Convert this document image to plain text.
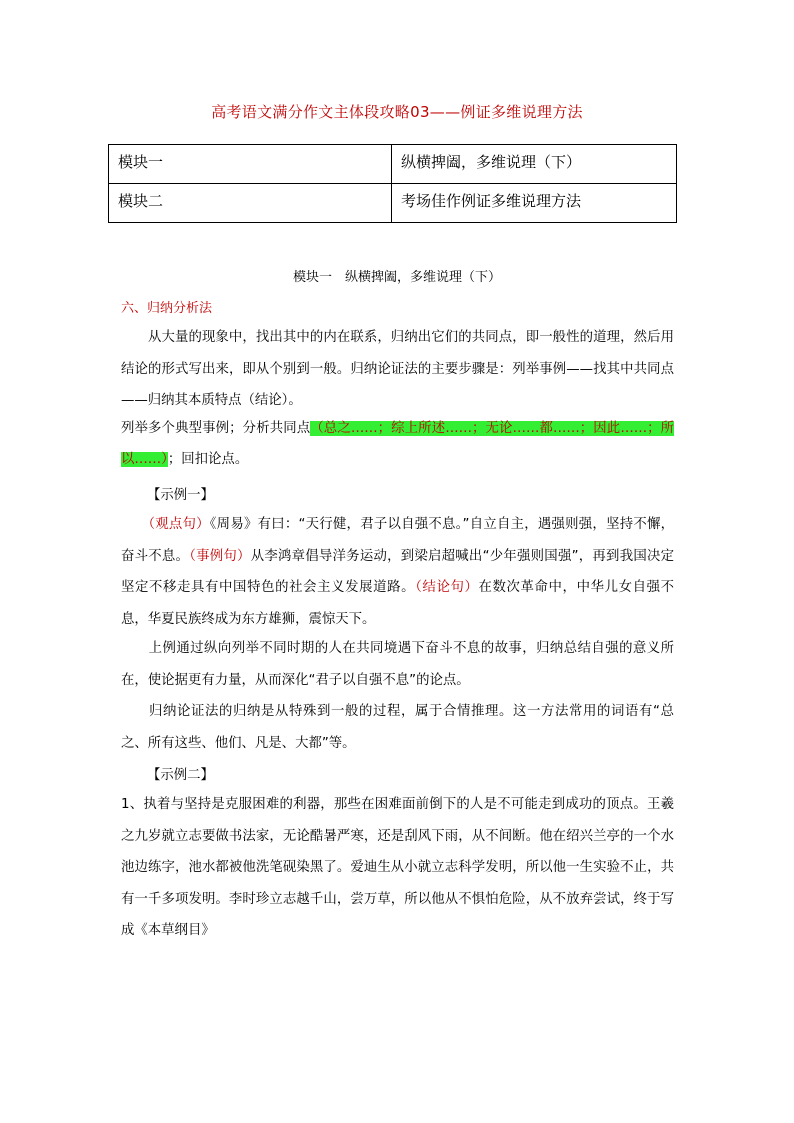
高考语文满分作文主体段攻略03——例证多维说理方法
模块一	纵横捭阖，多维说理（下）
模块二	考场佳作例证多维说理方法
模块一　纵横捭阖，多维说理（下）
六、归纳分析法
　　从大量的现象中，找出其中的内在联系，归纳出它们的共同点，即一般性的道理，然后用结论的形式写出来，即从个别到一般。归纳论证法的主要步骤是：列举事例——找其中共同点——归纳其本质特点（结论）。
列举多个典型事例；分析共同点（总之……；综上所述……；无论……都……；因此……；所以……）；回扣论点。
【示例一】
　　（观点句）《周易》有曰：“天行健，君子以自强不息。”自立自主，遇强则强，坚持不懈，奋斗不息。（事例句）从李鸿章倡导洋务运动，到梁启超喊出“少年强则国强”，再到我国决定坚定不移走具有中国特色的社会主义发展道路。（结论句）在数次革命中，中华儿女自强不息，华夏民族终成为东方雄狮，震惊天下。
　　上例通过纵向列举不同时期的人在共同境遇下奋斗不息的故事，归纳总结自强的意义所在，使论据更有力量，从而深化“君子以自强不息”的论点。
　　归纳论证法的归纳是从特殊到一般的过程，属于合情推理。这一方法常用的词语有“总之、所有这些、他们、凡是、大都”等。
【示例二】
1、执着与坚持是克服困难的利器，那些在困难面前倒下的人是不可能走到成功的顶点。王羲之九岁就立志要做书法家，无论酷暑严寒，还是刮风下雨，从不间断。他在绍兴兰亭的一个水池边练字，池水都被他洗笔砚染黑了。爱迪生从小就立志科学发明，所以他一生实验不止，共有一千多项发明。李时珍立志越千山，尝万草，所以他从不惧怕危险，从不放弃尝试，终于写成《本草纲目》
